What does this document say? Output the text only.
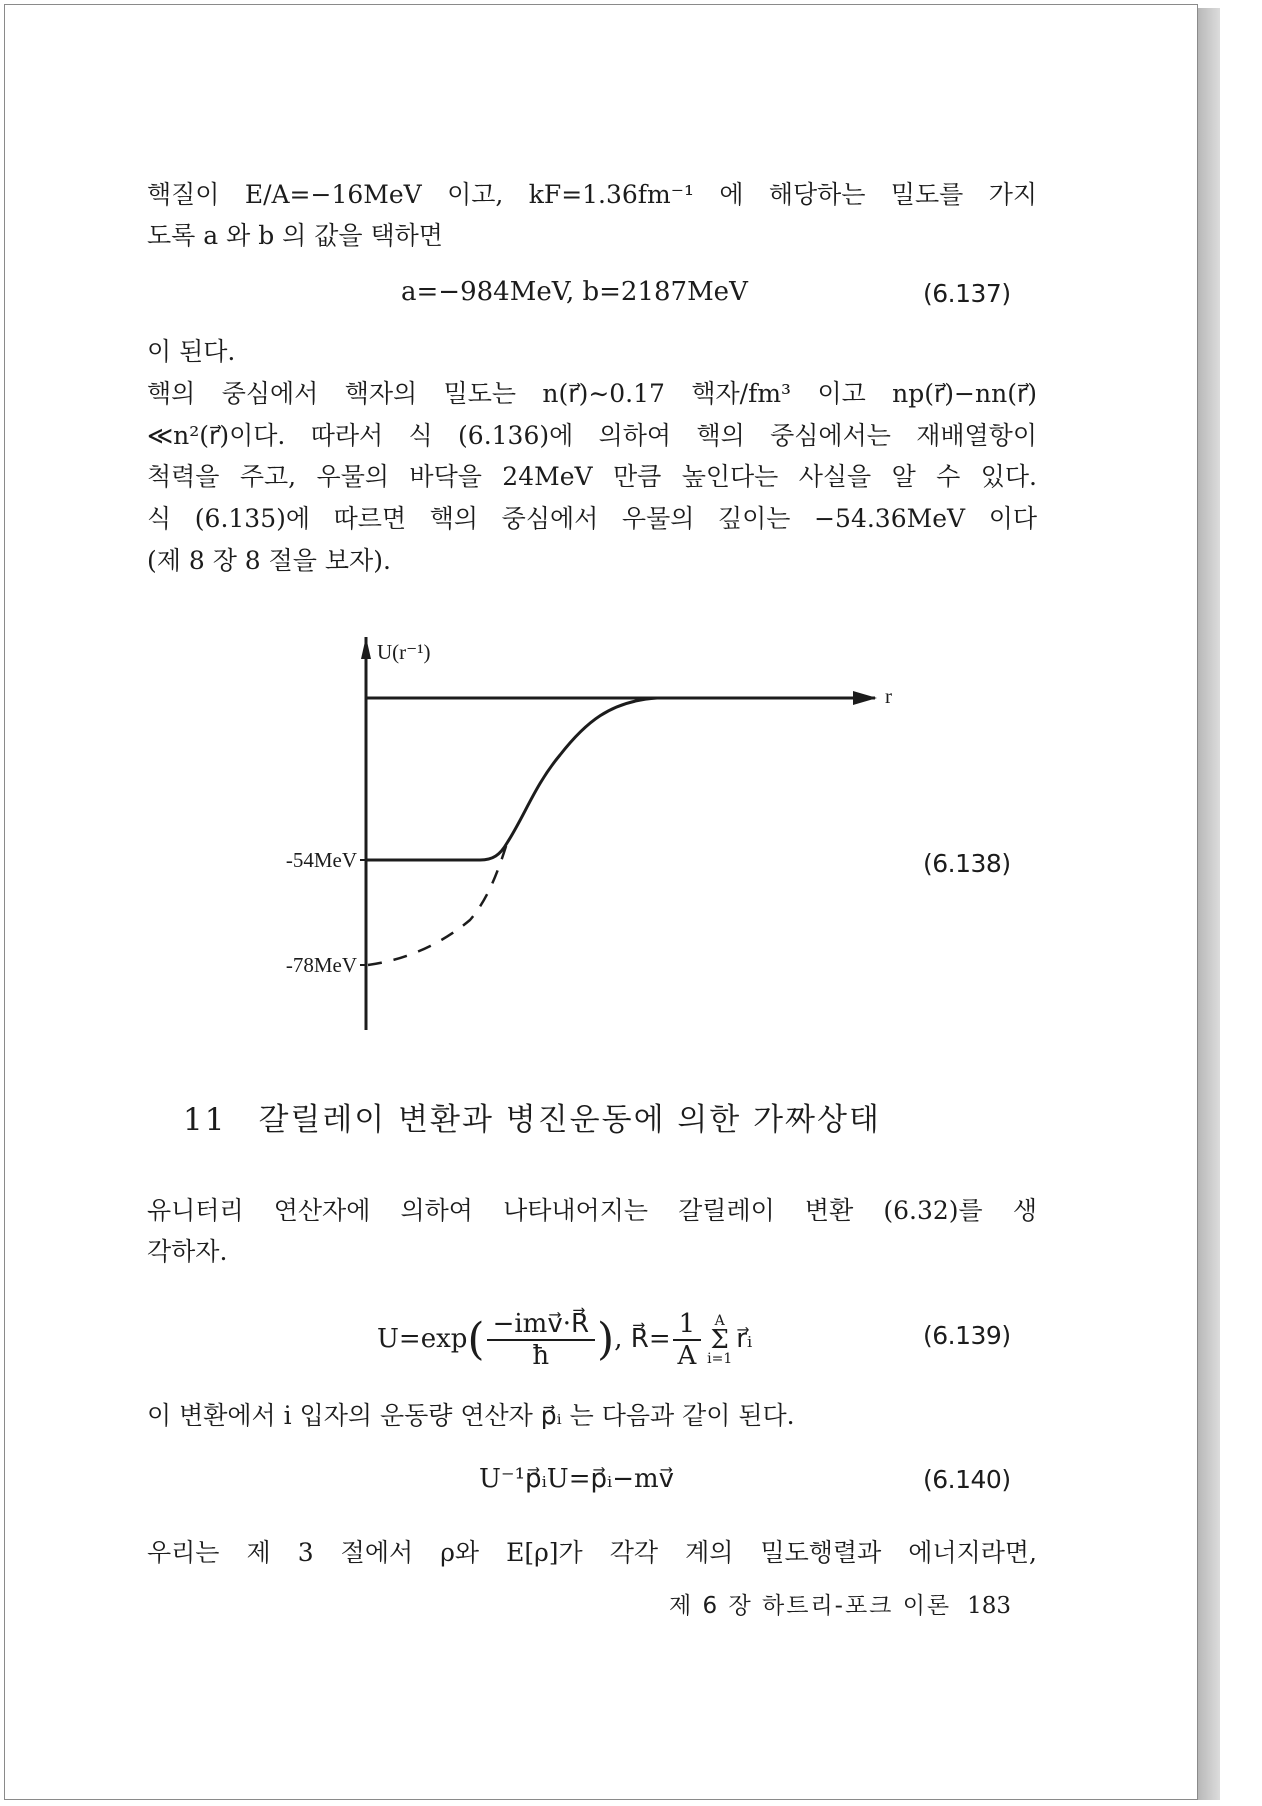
핵질이 E/A=−16MeV 이고, kF=1.36fm⁻¹ 에 해당하는 밀도를 가지
도록 a 와 b 의 값을 택하면
a=−984MeV, b=2187MeV	(6.137)
이 된다.
핵의 중심에서 핵자의 밀도는 n(r⃗)∼0.17 핵자/fm³ 이고 np(r⃗)−nn(r⃗)
≪n²(r⃗)이다. 따라서 식 (6.136)에 의하여 핵의 중심에서는 재배열항이
척력을 주고, 우물의 바닥을 24MeV 만큼 높인다는 사실을 알 수 있다.
식 (6.135)에 따르면 핵의 중심에서 우물의 깊이는 −54.36MeV 이다
(제 8 장 8 절을 보자).
U(r⁻¹)
r
-54MeV
-78MeV
(6.138)
11 갈릴레이 변환과 병진운동에 의한 가짜상태
유니터리 연산자에 의하여 나타내어지는 갈릴레이 변환 (6.32)를 생
각하자.
$U=\exp( \frac{\text{−imv⃗·R⃗}}{ħ}$ ), R⃗= $\frac{1}{A}$ A
Σ
i=1r⃗ᵢ	(6.139)
이 변환에서 i 입자의 운동량 연산자 p⃗ᵢ 는 다음과 같이 된다.
U⁻¹p⃗ᵢU=p⃗ᵢ−mv⃗	(6.140)
우리는 제 3 절에서 ρ와 E[ρ]가 각각 계의 밀도행렬과 에너지라면,
제 6 장 하트리-포크 이론 183
